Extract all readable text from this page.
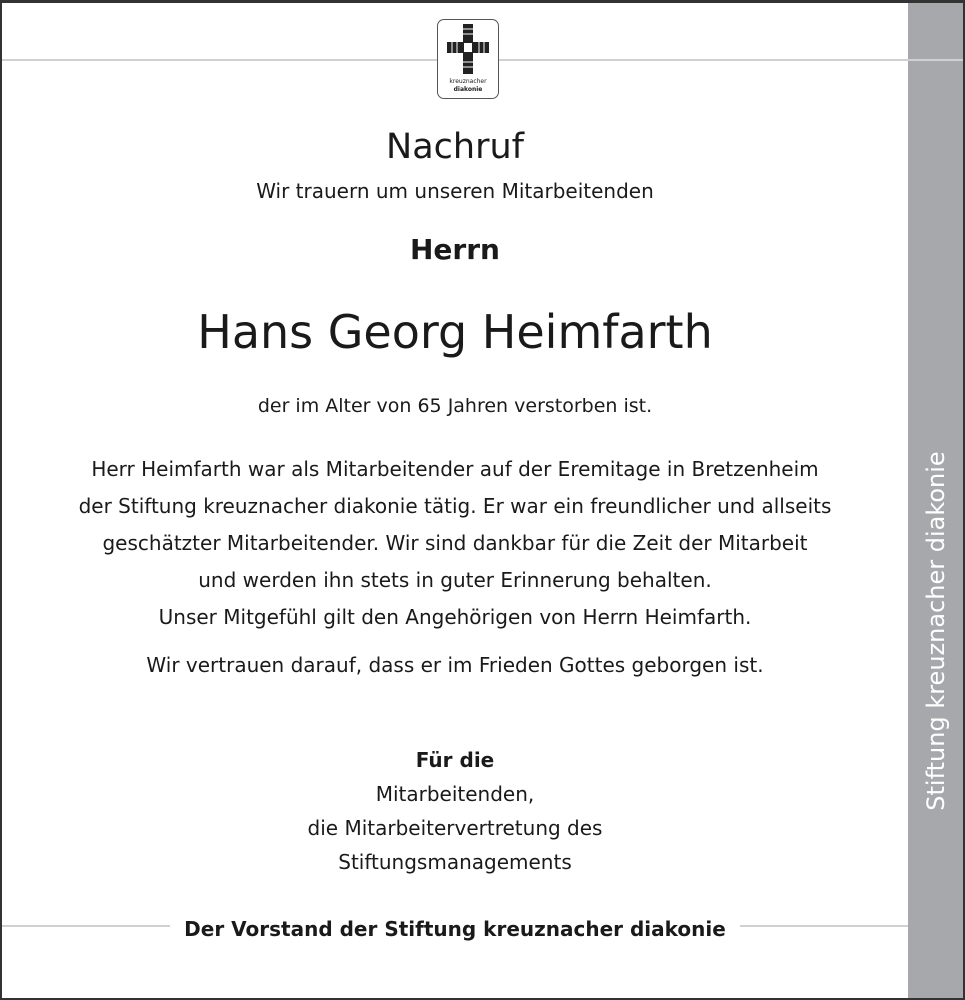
Stiftung kreuznacher diakonie
kreuznacher
diakonie
Nachruf
Wir trauern um unseren Mitarbeitenden
Herrn
Hans Georg Heimfarth
der im Alter von 65 Jahren verstorben ist.
Herr Heimfarth war als Mitarbeitender auf der Eremitage in Bretzenheim
der Stiftung kreuznacher diakonie tätig. Er war ein freundlicher und allseits
geschätzter Mitarbeitender. Wir sind dankbar für die Zeit der Mitarbeit
und werden ihn stets in guter Erinnerung behalten.
Unser Mitgefühl gilt den Angehörigen von Herrn Heimfarth.
Wir vertrauen darauf, dass er im Frieden Gottes geborgen ist.
Für die
Mitarbeitenden,
die Mitarbeitervertretung des
Stiftungsmanagements
Der Vorstand der Stiftung kreuznacher diakonie
